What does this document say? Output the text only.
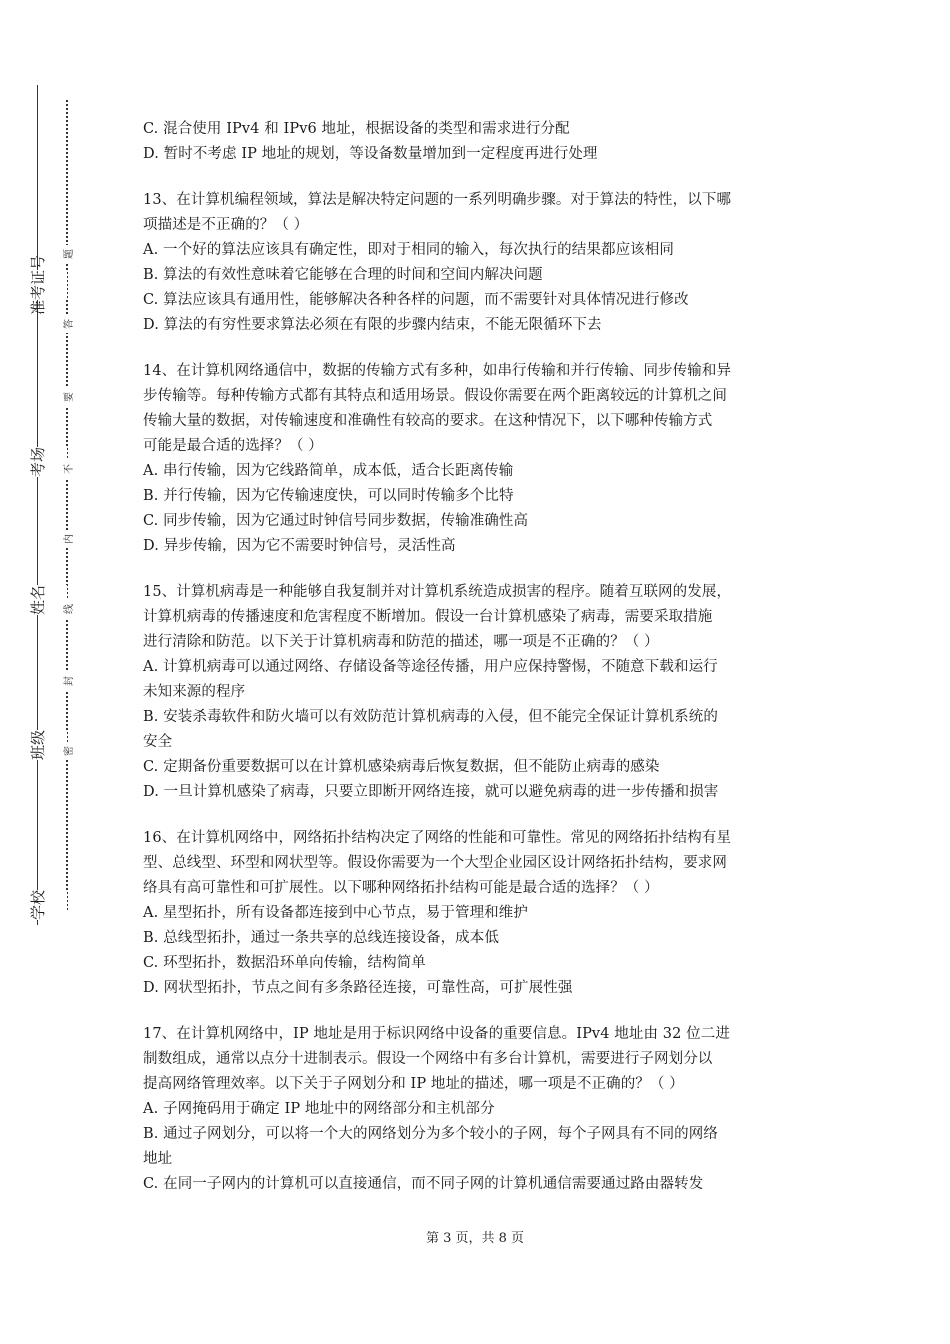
准考证号
考场
姓名
班级
学校
题
答
要
不
内
线
封
密
C. 混合使用 IPv4 和 IPv6 地址，根据设备的类型和需求进行分配
D. 暂时不考虑 IP 地址的规划，等设备数量增加到一定程度再进行处理
13、在计算机编程领域，算法是解决特定问题的一系列明确步骤。对于算法的特性，以下哪
项描述是不正确的？（ ）
A. 一个好的算法应该具有确定性，即对于相同的输入，每次执行的结果都应该相同
B. 算法的有效性意味着它能够在合理的时间和空间内解决问题
C. 算法应该具有通用性，能够解决各种各样的问题，而不需要针对具体情况进行修改
D. 算法的有穷性要求算法必须在有限的步骤内结束，不能无限循环下去
14、在计算机网络通信中，数据的传输方式有多种，如串行传输和并行传输、同步传输和异
步传输等。每种传输方式都有其特点和适用场景。假设你需要在两个距离较远的计算机之间
传输大量的数据，对传输速度和准确性有较高的要求。在这种情况下，以下哪种传输方式
可能是最合适的选择？（ ）
A. 串行传输，因为它线路简单，成本低，适合长距离传输
B. 并行传输，因为它传输速度快，可以同时传输多个比特
C. 同步传输，因为它通过时钟信号同步数据，传输准确性高
D. 异步传输，因为它不需要时钟信号，灵活性高
15、计算机病毒是一种能够自我复制并对计算机系统造成损害的程序。随着互联网的发展，
计算机病毒的传播速度和危害程度不断增加。假设一台计算机感染了病毒，需要采取措施
进行清除和防范。以下关于计算机病毒和防范的描述，哪一项是不正确的？（ ）
A. 计算机病毒可以通过网络、存储设备等途径传播，用户应保持警惕，不随意下载和运行
未知来源的程序
B. 安装杀毒软件和防火墙可以有效防范计算机病毒的入侵，但不能完全保证计算机系统的
安全
C. 定期备份重要数据可以在计算机感染病毒后恢复数据，但不能防止病毒的感染
D. 一旦计算机感染了病毒，只要立即断开网络连接，就可以避免病毒的进一步传播和损害
16、在计算机网络中，网络拓扑结构决定了网络的性能和可靠性。常见的网络拓扑结构有星
型、总线型、环型和网状型等。假设你需要为一个大型企业园区设计网络拓扑结构，要求网
络具有高可靠性和可扩展性。以下哪种网络拓扑结构可能是最合适的选择？（ ）
A. 星型拓扑，所有设备都连接到中心节点，易于管理和维护
B. 总线型拓扑，通过一条共享的总线连接设备，成本低
C. 环型拓扑，数据沿环单向传输，结构简单
D. 网状型拓扑，节点之间有多条路径连接，可靠性高，可扩展性强
17、在计算机网络中，IP 地址是用于标识网络中设备的重要信息。IPv4 地址由 32 位二进
制数组成，通常以点分十进制表示。假设一个网络中有多台计算机，需要进行子网划分以
提高网络管理效率。以下关于子网划分和 IP 地址的描述，哪一项是不正确的？（ ）
A. 子网掩码用于确定 IP 地址中的网络部分和主机部分
B. 通过子网划分，可以将一个大的网络划分为多个较小的子网，每个子网具有不同的网络
地址
C. 在同一子网内的计算机可以直接通信，而不同子网的计算机通信需要通过路由器转发
第 3 页，共 8 页
